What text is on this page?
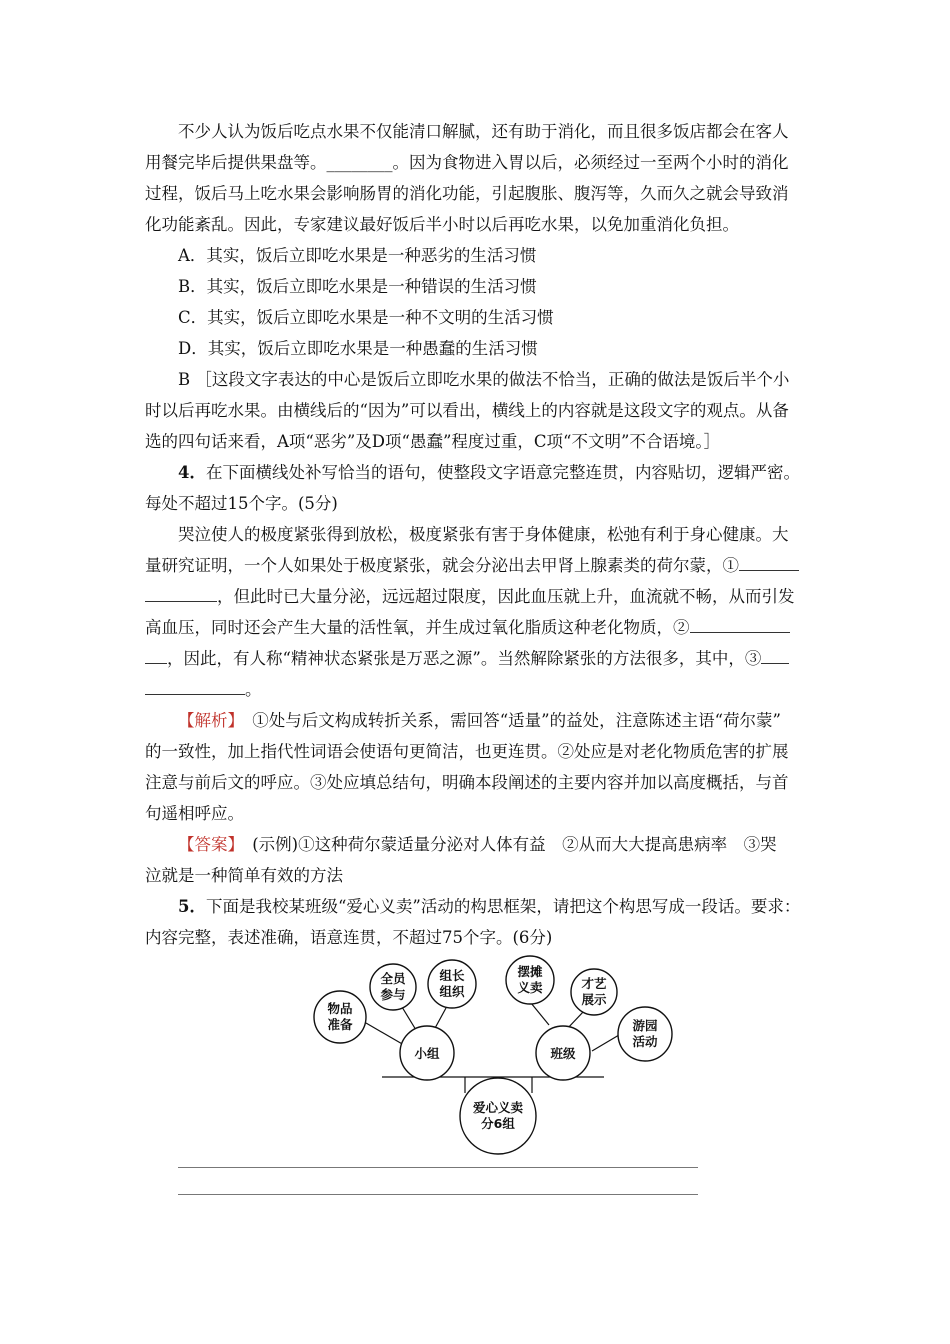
不少人认为饭后吃点水果不仅能清口解腻，还有助于消化，而且很多饭店都会在客人
用餐完毕后提供果盘等。________。因为食物进入胃以后，必须经过一至两个小时的消化
过程，饭后马上吃水果会影响肠胃的消化功能，引起腹胀、腹泻等，久而久之就会导致消
化功能紊乱。因此，专家建议最好饭后半小时以后再吃水果，以免加重消化负担。
A．其实，饭后立即吃水果是一种恶劣的生活习惯
B．其实，饭后立即吃水果是一种错误的生活习惯
C．其实，饭后立即吃水果是一种不文明的生活习惯
D．其实，饭后立即吃水果是一种愚蠢的生活习惯
B ［这段文字表达的中心是饭后立即吃水果的做法不恰当，正确的做法是饭后半个小
时以后再吃水果。由横线后的“因为”可以看出，横线上的内容就是这段文字的观点。从备
选的四句话来看，A项“恶劣”及D项“愚蠢”程度过重，C项“不文明”不合语境。］
4．在下面横线处补写恰当的语句，使整段文字语意完整连贯，内容贴切，逻辑严密。
每处不超过15个字。(5分)
哭泣使人的极度紧张得到放松，极度紧张有害于身体健康，松弛有利于身心健康。大
量研究证明，一个人如果处于极度紧张，就会分泌出去甲肾上腺素类的荷尔蒙，①
，但此时已大量分泌，远远超过限度，因此血压就上升，血流就不畅，从而引发
高血压，同时还会产生大量的活性氧，并生成过氧化脂质这种老化物质，②
，因此，有人称“精神状态紧张是万恶之源”。当然解除紧张的方法很多，其中，③
。
【解析】　 ①处与后文构成转折关系，需回答“适量”的益处，注意陈述主语“荷尔蒙”
的一致性，加上指代性词语会使语句更简洁，也更连贯。②处应是对老化物质危害的扩展
注意与前后文的呼应。③处应填总结句，明确本段阐述的主要内容并加以高度概括，与首
句遥相呼应。
【答案】　 (示例)①这种荷尔蒙适量分泌对人体有益　②从而大大提高患病率　③哭
泣就是一种简单有效的方法
5．下面是我校某班级“爱心义卖”活动的构思框架，请把这个构思写成一段话。要求：
内容完整，表述准确，语意连贯，不超过75个字。(6分)
小组	班级
物品
准备
全员
参与
组长
组织
摆摊
义卖	才艺
展示
游园
活动
爱心义卖
分6组
